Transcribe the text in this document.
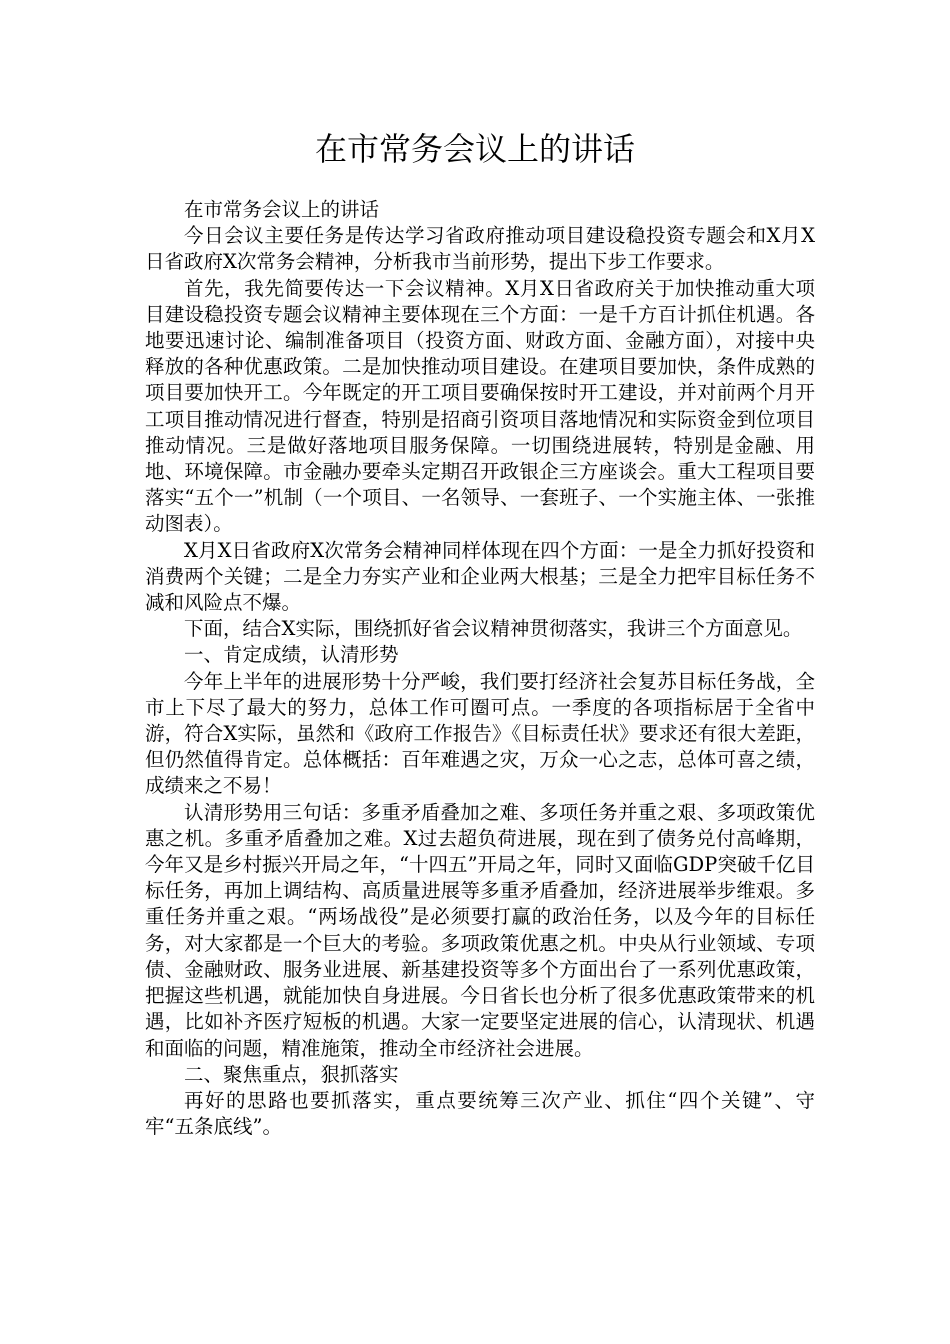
在市常务会议上的讲话

在市常务会议上的讲话

今日会议主要任务是传达学习省政府推动项目建设稳投资专题会和X月X日省政府X次常务会精神，分析我市当前形势，提出下步工作要求。

首先，我先简要传达一下会议精神。X月X日省政府关于加快推动重大项目建设稳投资专题会议精神主要体现在三个方面：一是千方百计抓住机遇。各地要迅速讨论、编制准备项目（投资方面、财政方面、金融方面），对接中央释放的各种优惠政策。二是加快推动项目建设。在建项目要加快，条件成熟的项目要加快开工。今年既定的开工项目要确保按时开工建设，并对前两个月开工项目推动情况进行督查，特别是招商引资项目落地情况和实际资金到位项目推动情况。三是做好落地项目服务保障。一切围绕进展转，特别是金融、用地、环境保障。市金融办要牵头定期召开政银企三方座谈会。重大工程项目要落实“五个一”机制（一个项目、一名领导、一套班子、一个实施主体、一张推动图表）。

X月X日省政府X次常务会精神同样体现在四个方面：一是全力抓好投资和消费两个关键；二是全力夯实产业和企业两大根基；三是全力把牢目标任务不减和风险点不爆。

下面，结合X实际，围绕抓好省会议精神贯彻落实，我讲三个方面意见。

一、肯定成绩，认清形势

今年上半年的进展形势十分严峻，我们要打经济社会复苏目标任务战，全市上下尽了最大的努力，总体工作可圈可点。一季度的各项指标居于全省中游，符合X实际，虽然和《政府工作报告》《目标责任状》要求还有很大差距，但仍然值得肯定。总体概括：百年难遇之灾，万众一心之志，总体可喜之绩，成绩来之不易！

认清形势用三句话：多重矛盾叠加之难、多项任务并重之艰、多项政策优惠之机。多重矛盾叠加之难。X过去超负荷进展，现在到了债务兑付高峰期，今年又是乡村振兴开局之年，“十四五”开局之年，同时又面临GDP突破千亿目标任务，再加上调结构、高质量进展等多重矛盾叠加，经济进展举步维艰。多重任务并重之艰。“两场战役”是必须要打赢的政治任务，以及今年的目标任务，对大家都是一个巨大的考验。多项政策优惠之机。中央从行业领域、专项债、金融财政、服务业进展、新基建投资等多个方面出台了一系列优惠政策，把握这些机遇，就能加快自身进展。今日省长也分析了很多优惠政策带来的机遇，比如补齐医疗短板的机遇。大家一定要坚定进展的信心，认清现状、机遇和面临的问题，精准施策，推动全市经济社会进展。

二、聚焦重点，狠抓落实

再好的思路也要抓落实，重点要统筹三次产业、抓住“四个关键”、守牢“五条底线”。
